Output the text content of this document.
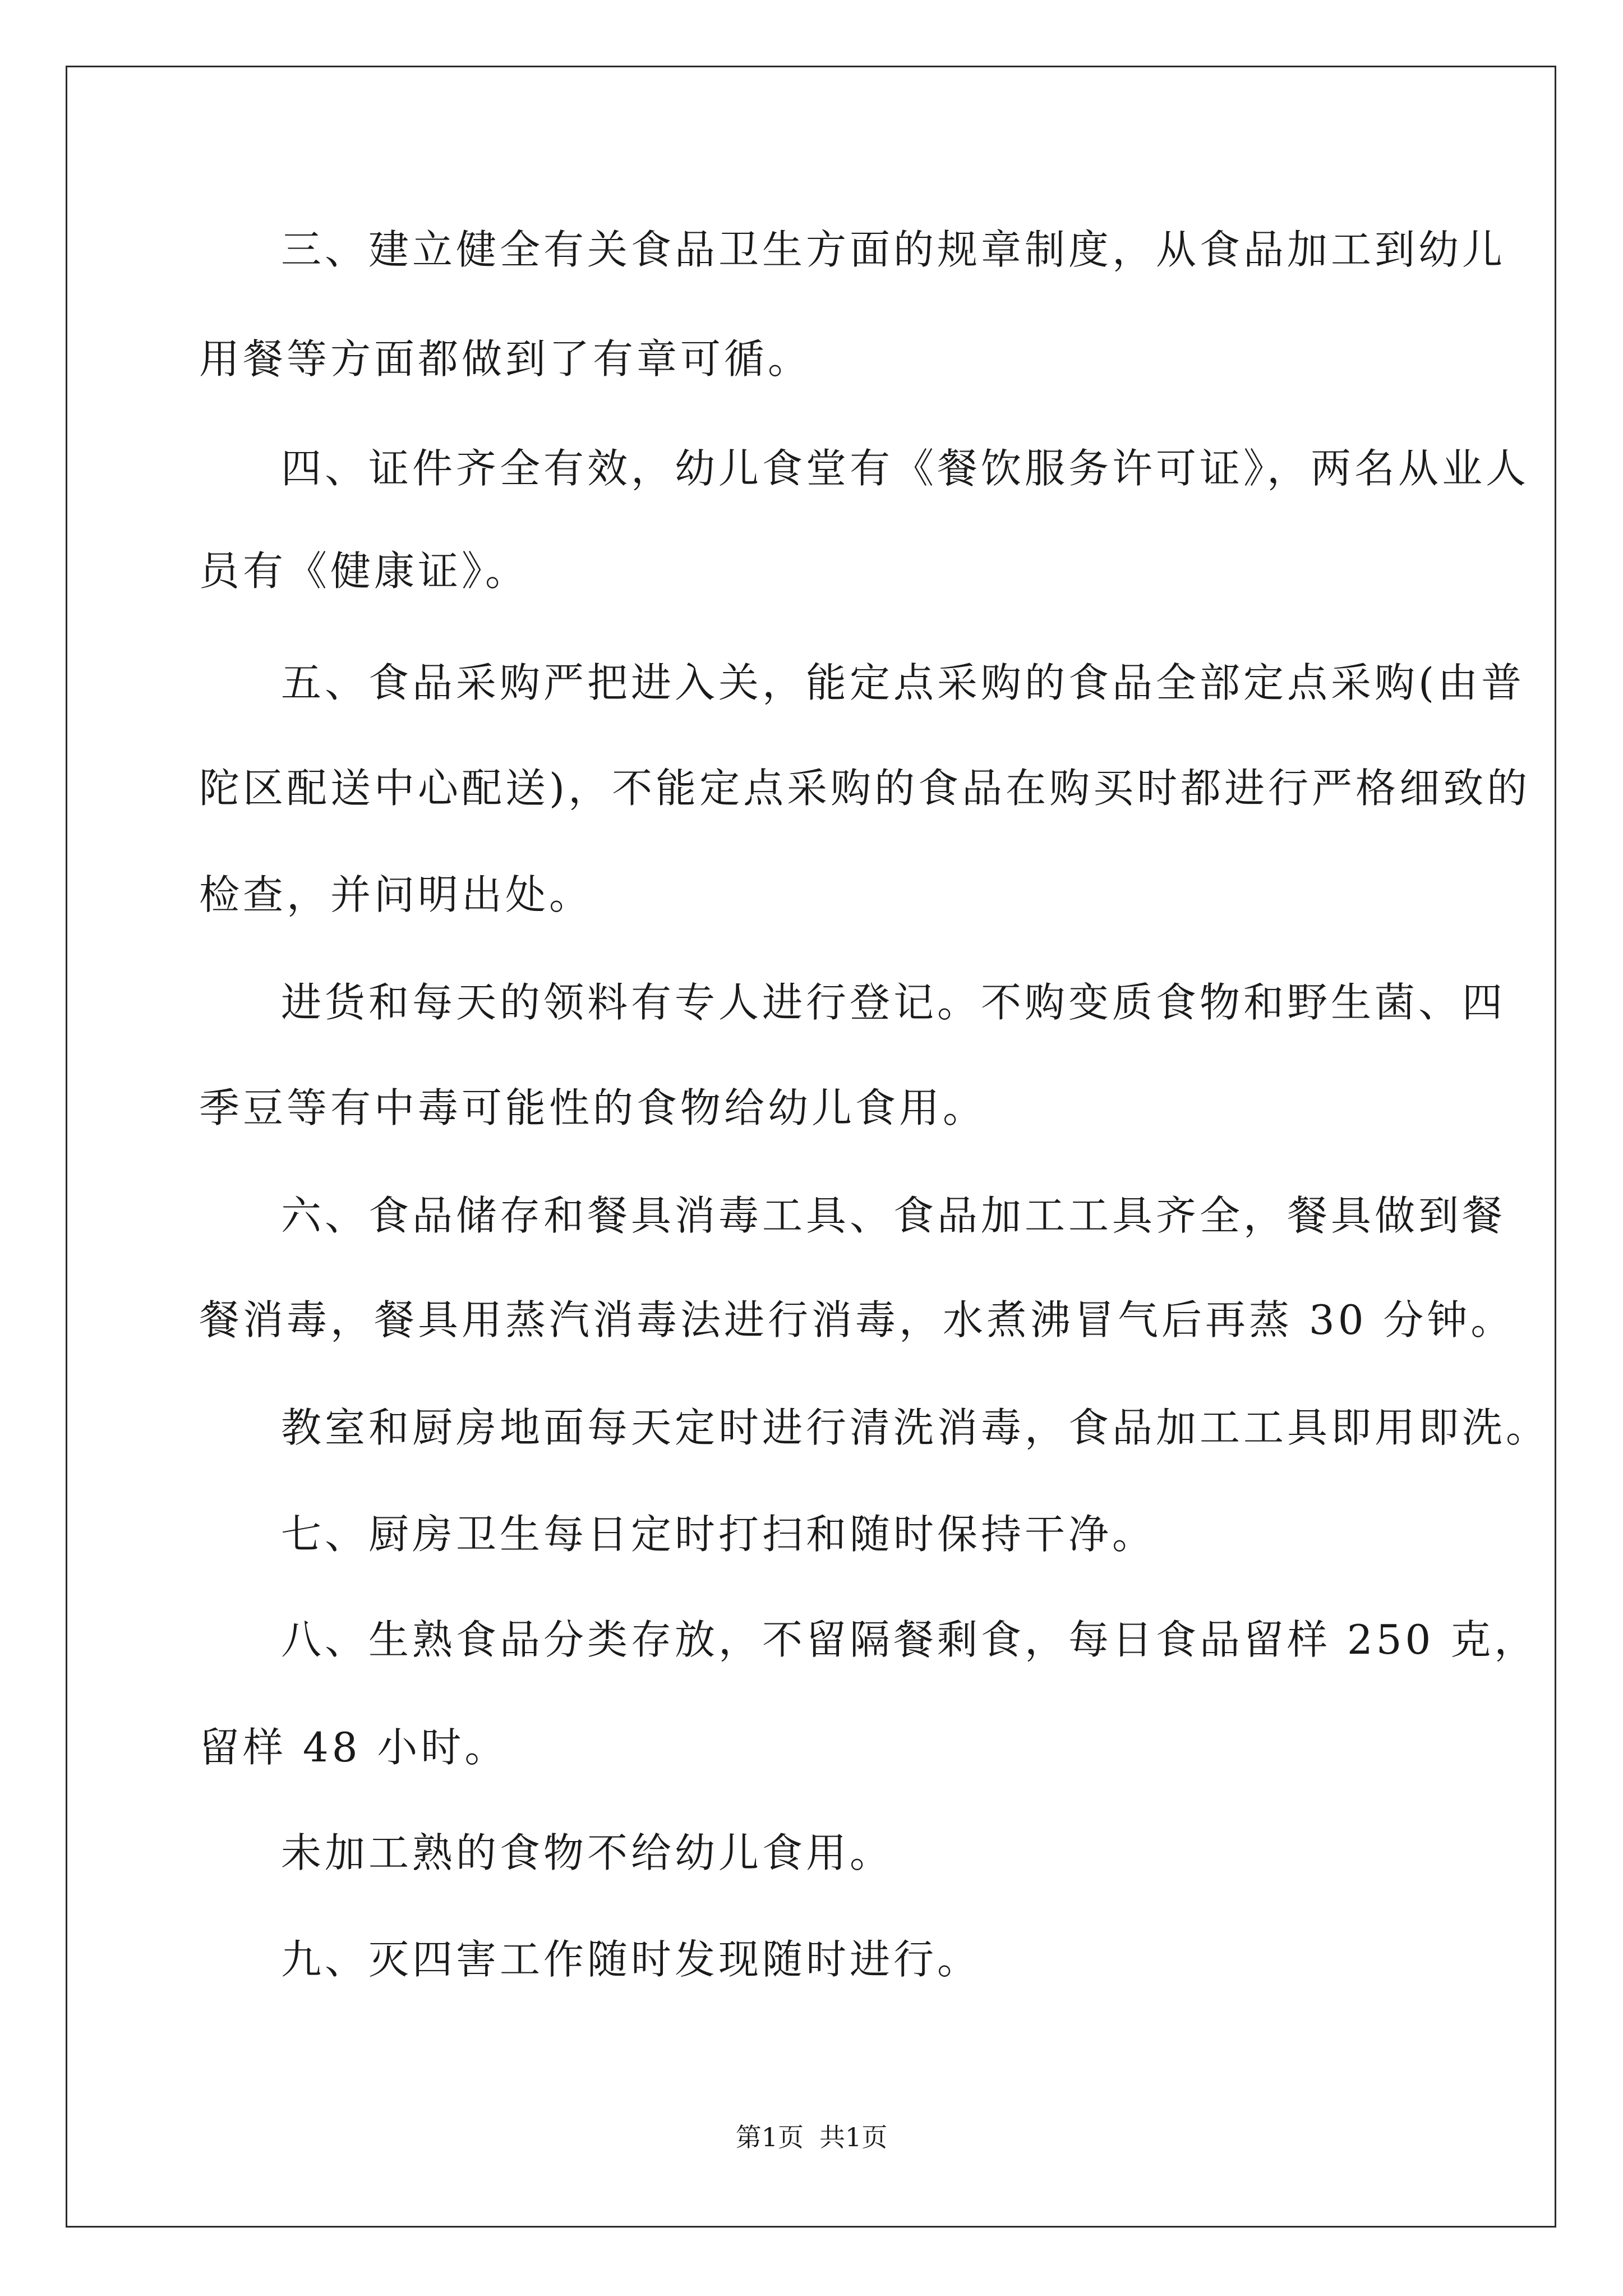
三、建立健全有关食品卫生方面的规章制度，从食品加工到幼儿
用餐等方面都做到了有章可循。
四、证件齐全有效，幼儿食堂有《餐饮服务许可证》，两名从业人
员有《健康证》。
五、食品采购严把进入关，能定点采购的食品全部定点采购(由普
陀区配送中心配送)，不能定点采购的食品在购买时都进行严格细致的
检查，并问明出处。
进货和每天的领料有专人进行登记。不购变质食物和野生菌、四
季豆等有中毒可能性的食物给幼儿食用。
六、食品储存和餐具消毒工具、食品加工工具齐全，餐具做到餐
餐消毒，餐具用蒸汽消毒法进行消毒，水煮沸冒气后再蒸 30 分钟。
教室和厨房地面每天定时进行清洗消毒，食品加工工具即用即洗。
七、厨房卫生每日定时打扫和随时保持干净。
八、生熟食品分类存放，不留隔餐剩食，每日食品留样 250 克，
留样 48 小时。
未加工熟的食物不给幼儿食用。
九、灭四害工作随时发现随时进行。
第1页 共1页
